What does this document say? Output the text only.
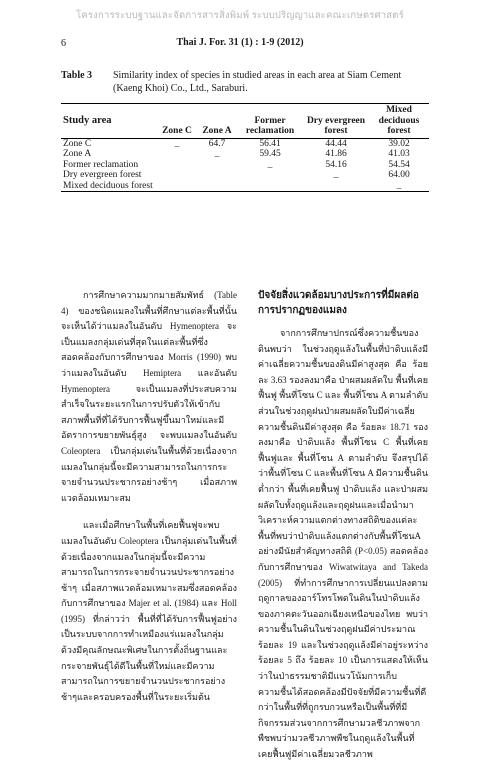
โครงการระบบฐานและจัดการสารสิ่งพิมพ์ ระบบปริญญาและคณะเกษตรศาสตร์
6	Thai J. For. 31 (1) : 1-9 (2012)
Table 3 Similarity index of species in studied areas in each area at Siam Cement (Kaeng Khoi) Co., Ltd., Saraburi.
Study area	Zone C	Zone A	Former reclamation	Dry evergreen forest	Mixed deciduous forest
Zone C	_	64.7	56.41	44.44	39.02
Zone A		_	59.45	41.86	41.03
Former reclamation			_	54.16	54.54
Dry evergreen forest				_	64.00
Mixed deciduous forest					_

การศึกษาความมากมายสัมพัทธ์ (Table 4) ของชนิดแมลงในพื้นที่ศึกษาแต่ละพื้นที่นั้นจะเห็นได้ว่าแมลงในอันดับ Hymenoptera จะเป็นแมลงกลุ่มเด่นที่สุดในแต่ละพื้นที่ซึ่งสอดคล้องกับการศึกษาของ Morris (1990) พบว่าแมลงในอันดับ Hemiptera และอันดับ Hymenoptera จะเป็นแมลงที่ประสบความสำเร็จในระยะแรกในการปรับตัวให้เข้ากับสภาพพื้นที่ที่ได้รับการฟื้นฟูขึ้นมาใหม่และมีอัตราการขยายพันธุ์สูง จะพบแมลงในอันดับ Coleoptera เป็นกลุ่มเด่นในพื้นที่ด้วยเนื่องจากแมลงในกลุ่มนี้จะมีความสามารถในการกระจายจำนวนประชากรอย่างช้าๆ เมื่อสภาพแวดล้อมเหมาะสม

และเมื่อศึกษาในพื้นที่เคยฟื้นฟูจะพบแมลงในอันดับ Coleoptera เป็นกลุ่มเด่นในพื้นที่ด้วยเนื่องจากแมลงในกลุ่มนี้จะมีความสามารถในการกระจายจำนวนประชากรอย่างช้าๆ เมื่อสภาพแวดล้อมเหมาะสมซึ่งสอดคล้องกับการศึกษาของ Majer et al. (1984) และ Holl (1995) ที่กล่าวว่า พื้นที่ที่ได้รับการฟื้นฟูอย่างเป็นระบบจากการทำเหมืองแร่แมลงในกลุ่มด้วงมีคุณลักษณะพิเศษในการตั้งถิ่นฐานและกระจายพันธุ์ได้ดีในพื้นที่ใหม่และมีความสามารถในการขยายจำนวนประชากรอย่างช้าๆและครอบครองพื้นที่ในระยะเริ่มต้น

ปัจจัยสิ่งแวดล้อมบางประการที่มีผลต่อการปรากฏของแมลง

จากการศึกษาปกรณ์ซึ่งความชื้นของดินพบว่า ในช่วงฤดูแล้งในพื้นที่ป่าดิบแล้งมีค่าเฉลี่ยความชื้นของดินมีค่าสูงสุด คือ ร้อยละ 3.63 รองลงมาคือ ป่าผสมผลัดใบ พื้นที่เคยฟื้นฟู พื้นที่โซน C และ พื้นที่โซน A ตามลำดับ ส่วนในช่วงฤดูฝนป่าผสมผลัดใบมีค่าเฉลี่ยความชื้นดินมีค่าสูงสุด คือ ร้อยละ 18.71 รองลงมาคือ ป่าดิบแล้ง พื้นที่โซน C พื้นที่เคยฟื้นฟูและ พื้นที่โซน A ตามลำดับ จึงสรุปได้ว่าพื้นที่โซน C และพื้นที่โซน A มีความชื้นดินต่ำกว่า พื้นที่เคยฟื้นฟู ป่าดิบแล้ง และป่าผสมผลัดใบทั้งฤดูแล้งและฤดูฝนและเมื่อนำมาวิเคราะห์ความแตกต่างทางสถิติของแต่ละพื้นที่พบว่าป่าดิบแล้งแตกต่างกับพื้นที่โซนA อย่างมีนัยสำคัญทางสถิติ (P<0.05) สอดคล้องกับการศึกษาของ Wiwatwitaya and Takeda (2005) ที่ทำการศึกษาการเปลี่ยนแปลงตามฤดูกาลของอาร์โทรโพดในดินในป่าดิบแล้งของภาคตะวันออกเฉียงเหนือของไทย พบว่าความชื้นในดินในช่วงฤดูฝนมีค่าประมาณร้อยละ 19 และในช่วงฤดูแล้งมีค่าอยู่ระหว่างร้อยละ 5 ถึง ร้อยละ 10 เป็นการแสดงให้เห็นว่าในป่าธรรมชาติมีแนวโน้มการเก็บความชื้นได้สอดคล้องมีปัจจัยที่มีความชื้นที่ดีกว่าในพื้นที่ที่ถูกรบกวนหรือเป็นพื้นที่ที่มีกิจกรรมส่วนจากการศึกษามวลชีวภาพจากพืชพบว่ามวลชีวภาพพืชในฤดูแล้งในพื้นที่เคยฟื้นฟูมีค่าเฉลี่ยมวลชีวภาพ
